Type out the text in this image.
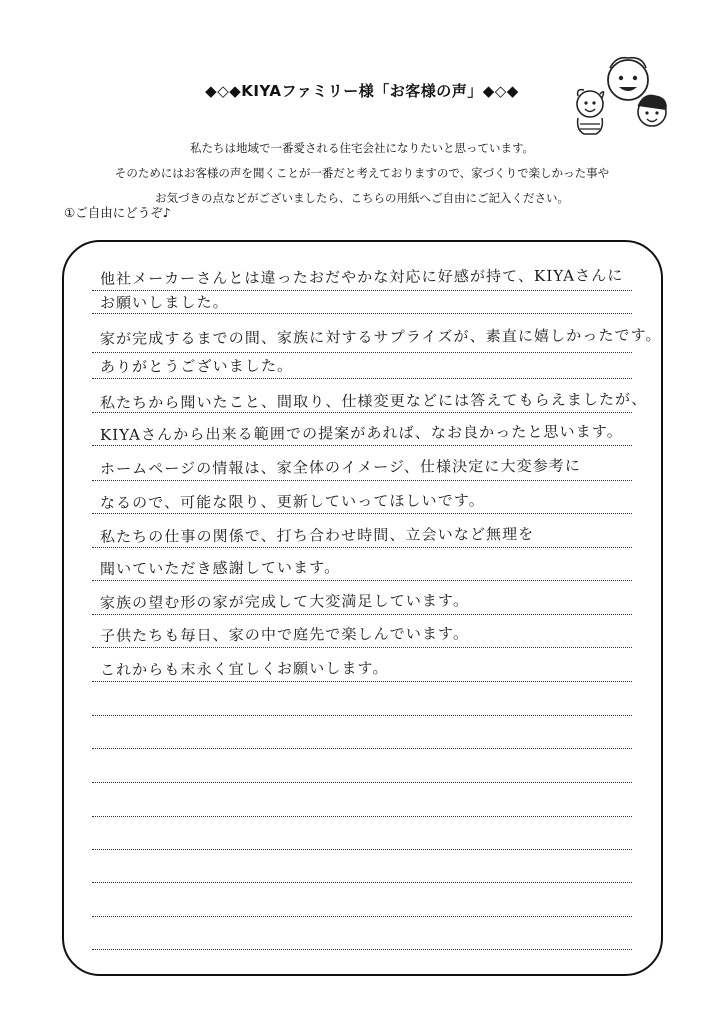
◆◇◆KIYAファミリー様「お客様の声」◆◇◆
私たちは地域で一番愛される住宅会社になりたいと思っています。
そのためにはお客様の声を聞くことが一番だと考えておりますので、家づくりで楽しかった事や
お気づきの点などがございましたら、こちらの用紙へご自由にご記入ください。
①ご自由にどうぞ♪
他社メーカーさんとは違ったおだやかな対応に好感が持て、KIYAさんに
お願いしました。
家が完成するまでの間、家族に対するサプライズが、素直に嬉しかったです。
ありがとうございました。
私たちから聞いたこと、間取り、仕様変更などには答えてもらえましたが、
KIYAさんから出来る範囲での提案があれば、なお良かったと思います。
ホームページの情報は、家全体のイメージ、仕様決定に大変参考に
なるので、可能な限り、更新していってほしいです。
私たちの仕事の関係で、打ち合わせ時間、立会いなど無理を
聞いていただき感謝しています。
家族の望む形の家が完成して大変満足しています。
子供たちも毎日、家の中で庭先で楽しんでいます。
これからも末永く宜しくお願いします。
